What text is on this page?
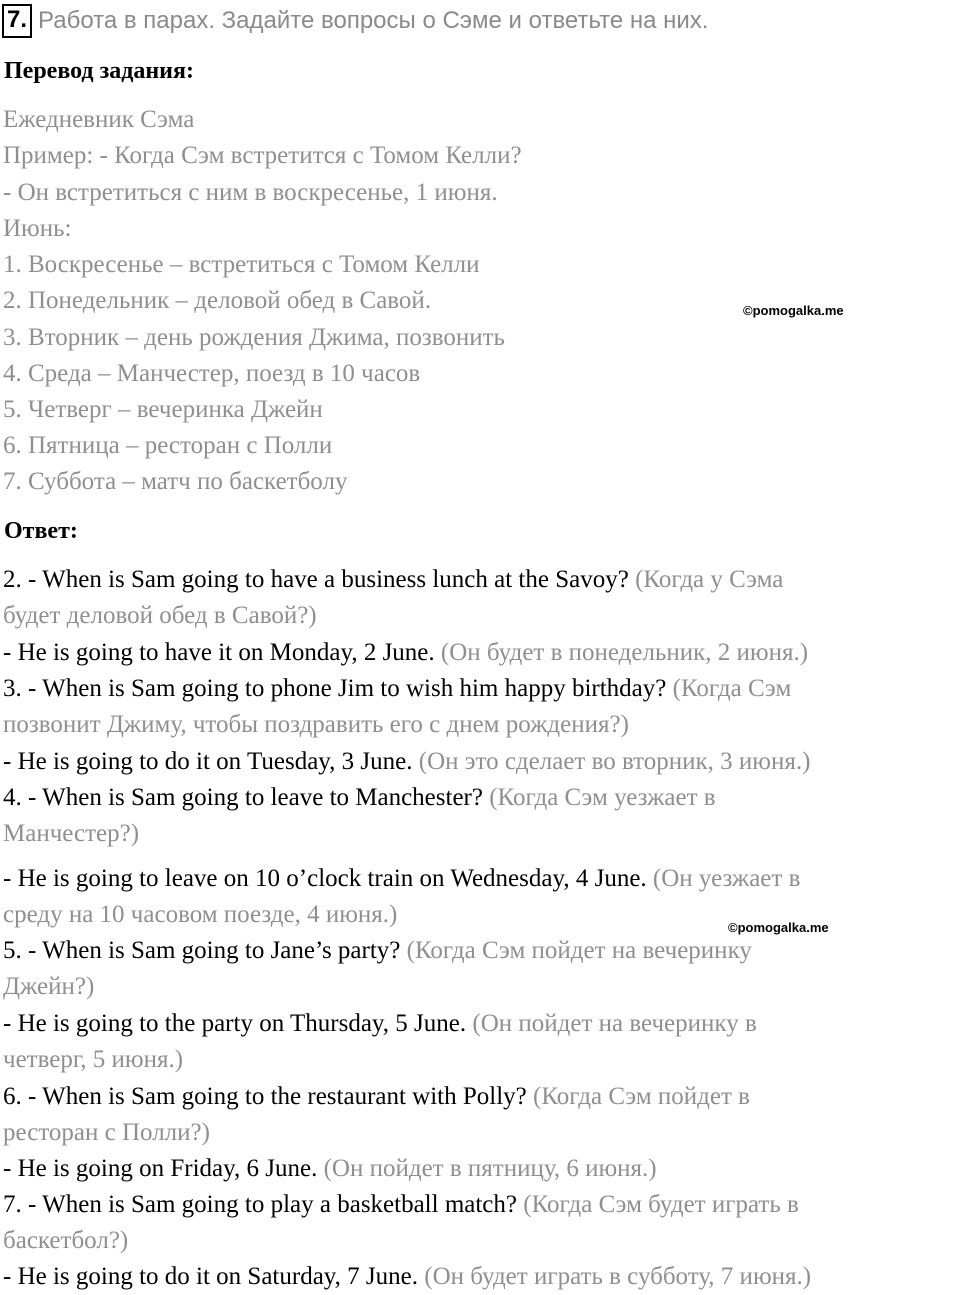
7. Работа в парах. Задайте вопросы о Сэме и ответьте на них.
Перевод задания:
Ежедневник Сэма
Пример: - Когда Сэм встретится с Томом Келли?
- Он встретиться с ним в воскресенье, 1 июня.
Июнь:
1. Воскресенье – встретиться с Томом Келли
2. Понедельник – деловой обед в Савой.
3. Вторник – день рождения Джима, позвонить
4. Среда – Манчестер, поезд в 10 часов
5. Четверг – вечеринка Джейн
6. Пятница – ресторан с Полли
7. Суббота – матч по баскетболу
©pomogalka.me
Ответ:
2. - When is Sam going to have a business lunch at the Savoy? (Когда у Сэма
будет деловой обед в Савой?)
- He is going to have it on Monday, 2 June. (Он будет в понедельник, 2 июня.)
3. - When is Sam going to phone Jim to wish him happy birthday? (Когда Сэм
позвонит Джиму, чтобы поздравить его с днем рождения?)
- He is going to do it on Tuesday, 3 June. (Он это сделает во вторник, 3 июня.)
4. - When is Sam going to leave to Manchester? (Когда Сэм уезжает в
Манчестер?)
- He is going to leave on 10 o’clock train on Wednesday, 4 June. (Он уезжает в
среду на 10 часовом поезде, 4 июня.)
5. - When is Sam going to Jane’s party? (Когда Сэм пойдет на вечеринку
Джейн?)
- He is going to the party on Thursday, 5 June. (Он пойдет на вечеринку в
четверг, 5 июня.)
6. - When is Sam going to the restaurant with Polly? (Когда Сэм пойдет в
ресторан с Полли?)
- He is going on Friday, 6 June. (Он пойдет в пятницу, 6 июня.)
7. - When is Sam going to play a basketball match? (Когда Сэм будет играть в
баскетбол?)
- He is going to do it on Saturday, 7 June. (Он будет играть в субботу, 7 июня.)
©pomogalka.me
